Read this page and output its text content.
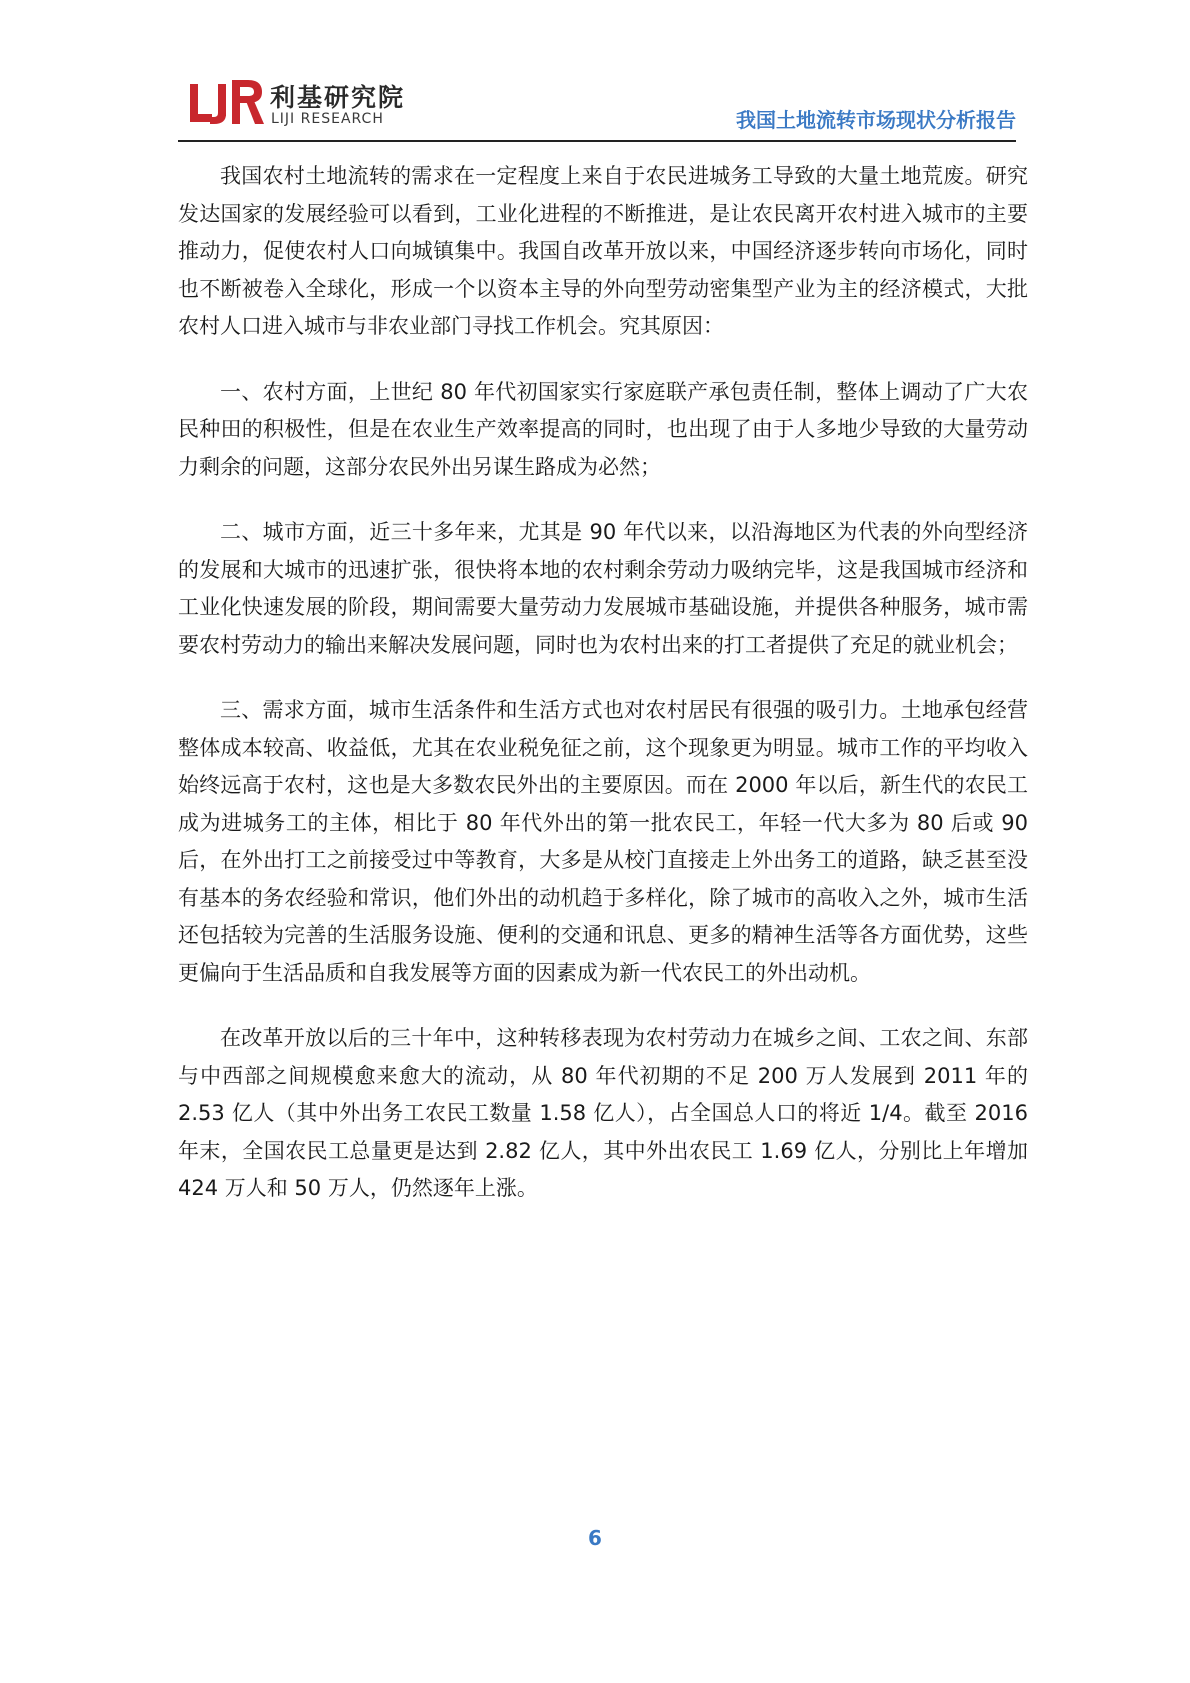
利基研究院
LIJI RESEARCH	我国土地流转市场现状分析报告

我国农村土地流转的需求在一定程度上来自于农民进城务工导致的大量土地荒废。研究发达国家的发展经验可以看到，工业化进程的不断推进，是让农民离开农村进入城市的主要推动力，促使农村人口向城镇集中。我国自改革开放以来，中国经济逐步转向市场化，同时也不断被卷入全球化，形成一个以资本主导的外向型劳动密集型产业为主的经济模式，大批农村人口进入城市与非农业部门寻找工作机会。究其原因：

一、农村方面，上世纪 80 年代初国家实行家庭联产承包责任制，整体上调动了广大农民种田的积极性，但是在农业生产效率提高的同时，也出现了由于人多地少导致的大量劳动力剩余的问题，这部分农民外出另谋生路成为必然；

二、城市方面，近三十多年来，尤其是 90 年代以来，以沿海地区为代表的外向型经济的发展和大城市的迅速扩张，很快将本地的农村剩余劳动力吸纳完毕，这是我国城市经济和工业化快速发展的阶段，期间需要大量劳动力发展城市基础设施，并提供各种服务，城市需要农村劳动力的输出来解决发展问题，同时也为农村出来的打工者提供了充足的就业机会；

三、需求方面，城市生活条件和生活方式也对农村居民有很强的吸引力。土地承包经营整体成本较高、收益低，尤其在农业税免征之前，这个现象更为明显。城市工作的平均收入始终远高于农村，这也是大多数农民外出的主要原因。而在 2000 年以后，新生代的农民工成为进城务工的主体，相比于 80 年代外出的第一批农民工，年轻一代大多为 80 后或 90 后，在外出打工之前接受过中等教育，大多是从校门直接走上外出务工的道路，缺乏甚至没有基本的务农经验和常识，他们外出的动机趋于多样化，除了城市的高收入之外，城市生活还包括较为完善的生活服务设施、便利的交通和讯息、更多的精神生活等各方面优势，这些更偏向于生活品质和自我发展等方面的因素成为新一代农民工的外出动机。

在改革开放以后的三十年中，这种转移表现为农村劳动力在城乡之间、工农之间、东部与中西部之间规模愈来愈大的流动，从 80 年代初期的不足 200 万人发展到 2011 年的 2.53 亿人（其中外出务工农民工数量 1.58 亿人），占全国总人口的将近 1/4。截至 2016 年末，全国农民工总量更是达到 2.82 亿人，其中外出农民工 1.69 亿人，分别比上年增加 424 万人和 50 万人，仍然逐年上涨。

6
